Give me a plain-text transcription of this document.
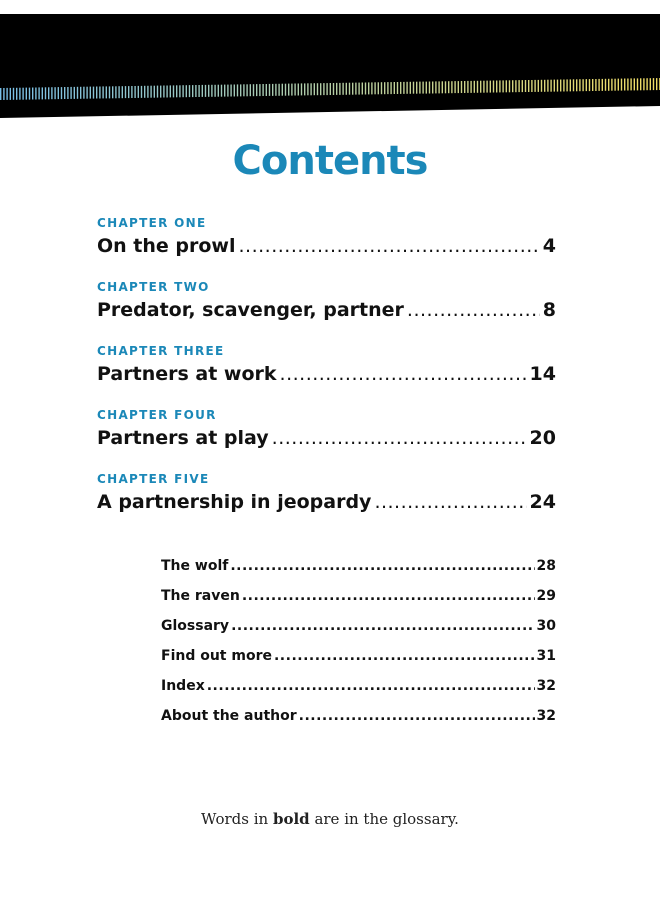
Contents
CHAPTER ONE
On the prowl .....	4
CHAPTER TWO
Predator, scavenger, partner .....	8
CHAPTER THREE
Partners at work .....	14
CHAPTER FOUR
Partners at play .....	20
CHAPTER FIVE
A partnership in jeopardy .....	24
The wolf .....	28
The raven .....	29
Glossary .....	30
Find out more .....	31
Index .....	32
About the author .....	32

Words in bold are in the glossary.
